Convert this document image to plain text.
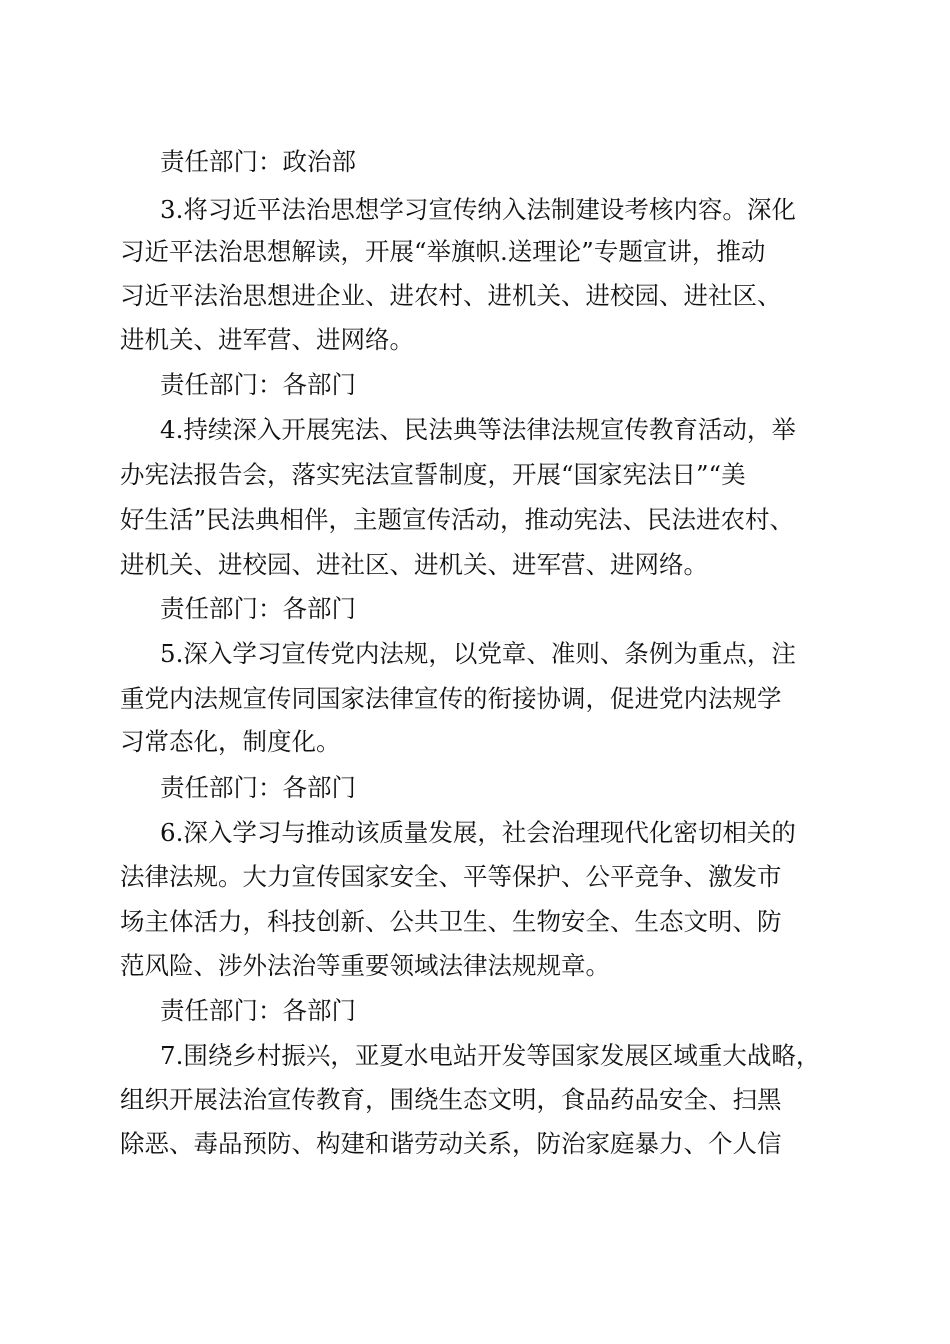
责任部门：政治部
3.将习近平法治思想学习宣传纳入法制建设考核内容。深化
习近平法治思想解读，开展“举旗帜.送理论”专题宣讲，推动
习近平法治思想进企业、进农村、进机关、进校园、进社区、
进机关、进军营、进网络。
责任部门：各部门
4.持续深入开展宪法、民法典等法律法规宣传教育活动，举
办宪法报告会，落实宪法宣誓制度，开展“国家宪法日”“美
好生活”民法典相伴，主题宣传活动，推动宪法、民法进农村、
进机关、进校园、进社区、进机关、进军营、进网络。
责任部门：各部门
5.深入学习宣传党内法规，以党章、准则、条例为重点，注
重党内法规宣传同国家法律宣传的衔接协调，促进党内法规学
习常态化，制度化。
责任部门：各部门
6.深入学习与推动该质量发展，社会治理现代化密切相关的
法律法规。大力宣传国家安全、平等保护、公平竞争、激发市
场主体活力，科技创新、公共卫生、生物安全、生态文明、防
范风险、涉外法治等重要领域法律法规规章。
责任部门：各部门
7.围绕乡村振兴，亚夏水电站开发等国家发展区域重大战略，
组织开展法治宣传教育，围绕生态文明，食品药品安全、扫黑
除恶、毒品预防、构建和谐劳动关系，防治家庭暴力、个人信
